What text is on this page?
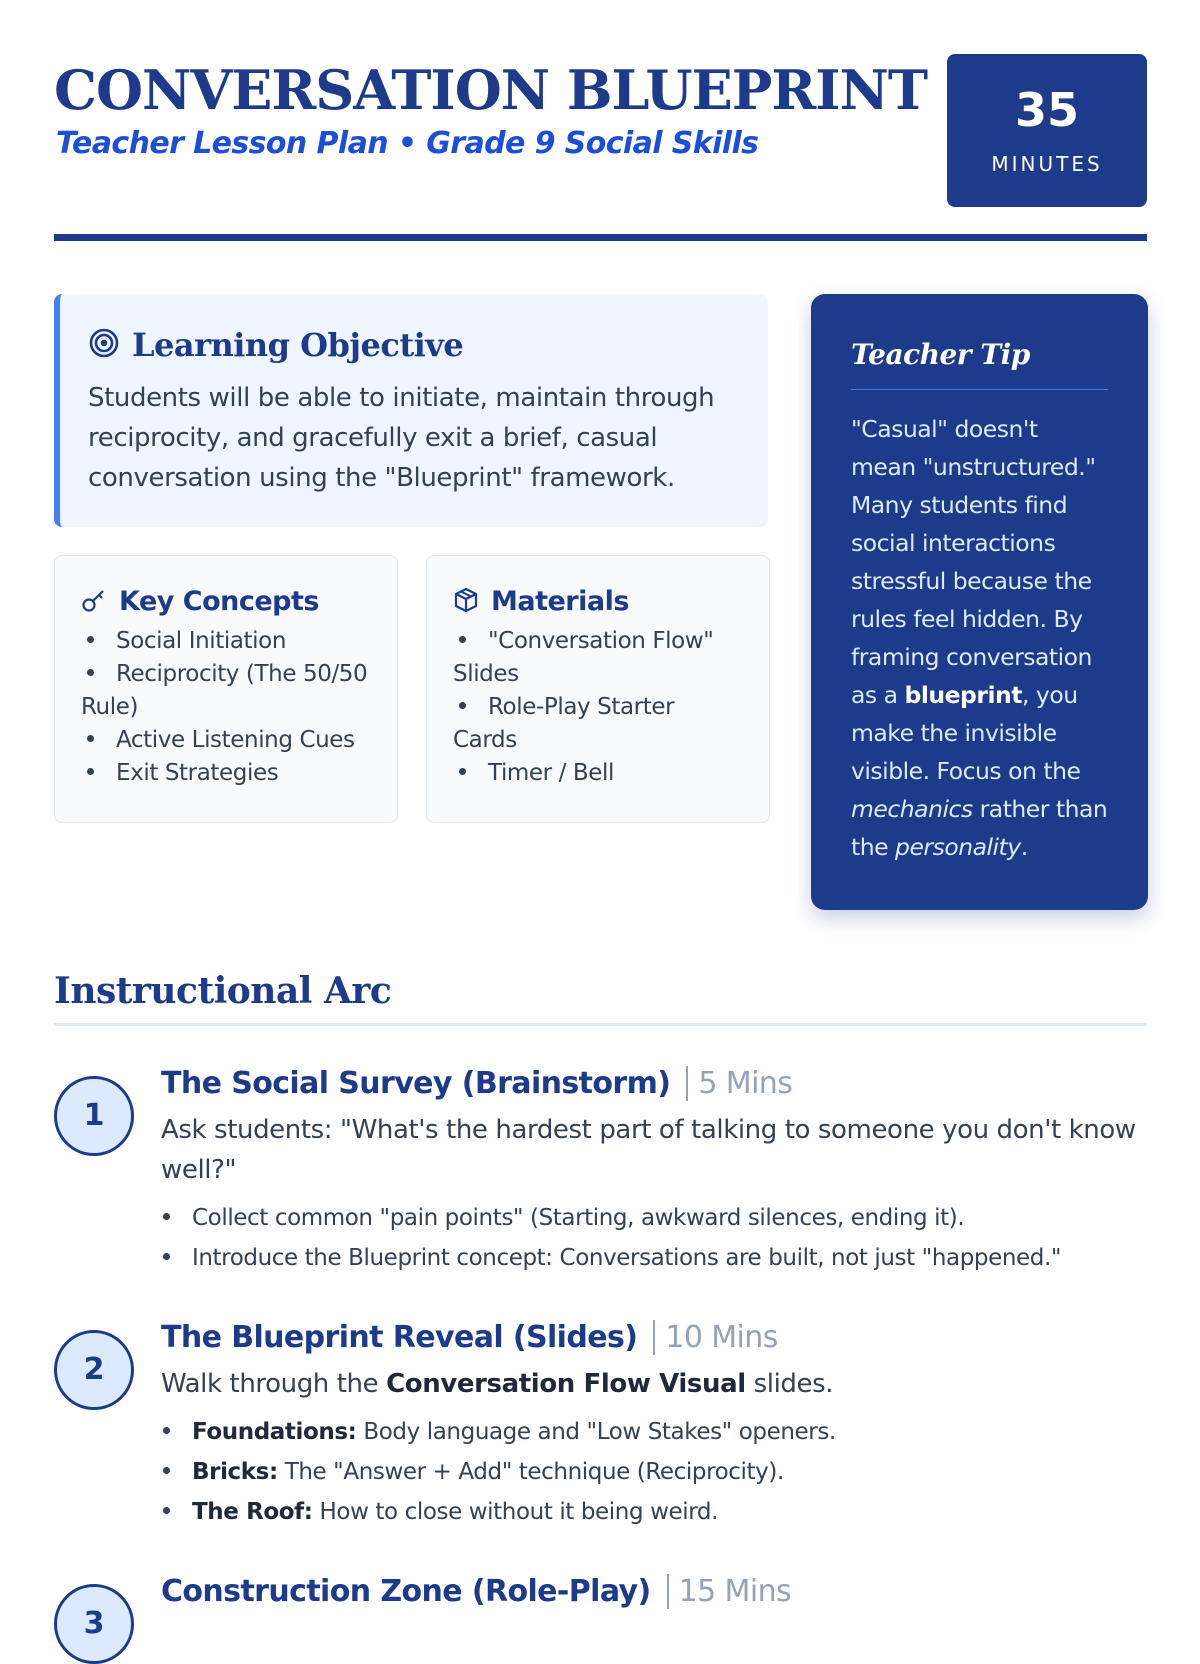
CONVERSATION BLUEPRINT
Teacher Lesson Plan • Grade 9 Social Skills
35
MINUTES
Learning Objective
Students will be able to initiate, maintain through reciprocity, and gracefully exit a brief, casual conversation using the "Blueprint" framework.
Key Concepts
Social Initiation
Reciprocity (The 50/50 Rule)
Active Listening Cues
Exit Strategies
Materials
"Conversation Flow" Slides
Role-Play Starter Cards
Timer / Bell
Teacher Tip
"Casual" doesn't mean "unstructured." Many students find social interactions stressful because the rules feel hidden. By framing conversation as a blueprint, you make the invisible visible. Focus on the mechanics rather than the personality.
Instructional Arc
1
The Social Survey (Brainstorm) 5 Mins
Ask students: "What's the hardest part of talking to someone you don't know well?"
Collect common "pain points" (Starting, awkward silences, ending it).
Introduce the Blueprint concept: Conversations are built, not just "happened."
2
The Blueprint Reveal (Slides) 10 Mins
Walk through the Conversation Flow Visual slides.
Foundations: Body language and "Low Stakes" openers.
Bricks: The "Answer + Add" technique (Reciprocity).
The Roof: How to close without it being weird.
3
Construction Zone (Role-Play) 15 Mins
